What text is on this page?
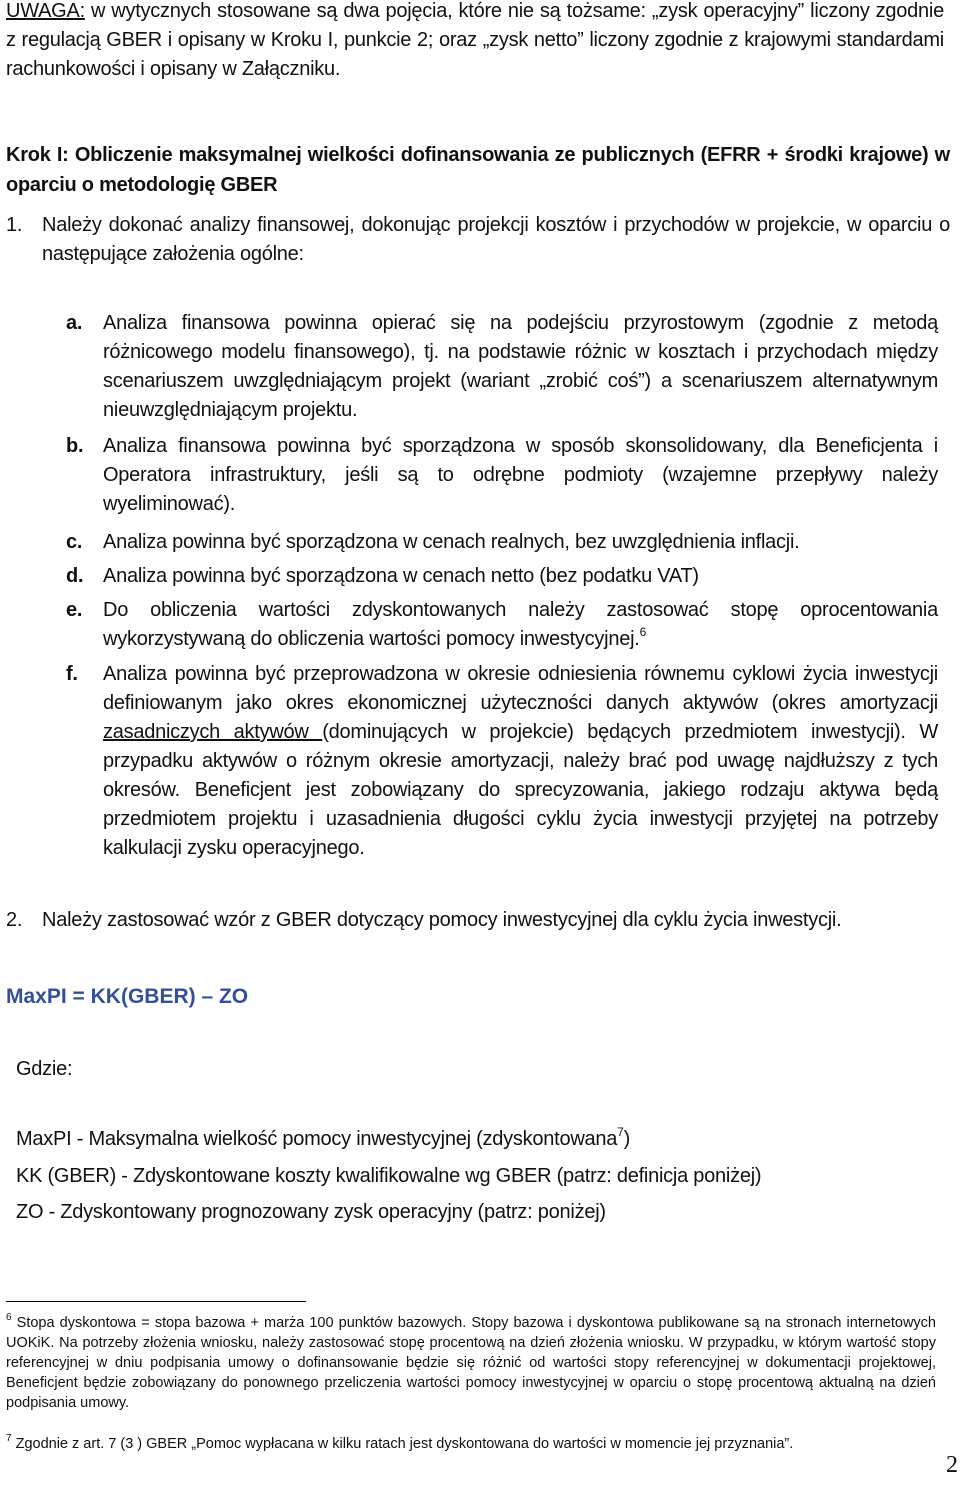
UWAGA: w wytycznych stosowane są dwa pojęcia, które nie są tożsame: „zysk operacyjny” liczony zgodnie z regulacją GBER i opisany w Kroku I, punkcie 2; oraz „zysk netto” liczony zgodnie z krajowymi standardami rachunkowości i opisany w Załączniku.
Krok I: Obliczenie maksymalnej wielkości dofinansowania ze publicznych (EFRR + środki krajowe) w oparciu o metodologię GBER
1. Należy dokonać analizy finansowej, dokonując projekcji kosztów i przychodów w projekcie, w oparciu o następujące założenia ogólne:
a. Analiza finansowa powinna opierać się na podejściu przyrostowym (zgodnie z metodą różnicowego modelu finansowego), tj. na podstawie różnic w kosztach i przychodach między scenariuszem uwzględniającym projekt (wariant „zrobić coś”) a scenariuszem alternatywnym nieuwzględniającym projektu.
b. Analiza finansowa powinna być sporządzona w sposób skonsolidowany, dla Beneficjenta i Operatora infrastruktury, jeśli są to odrębne podmioty (wzajemne przepływy należy wyeliminować).
c. Analiza powinna być sporządzona w cenach realnych, bez uwzględnienia inflacji.
d. Analiza powinna być sporządzona w cenach netto (bez podatku VAT)
e. Do obliczenia wartości zdyskontowanych należy zastosować stopę oprocentowania wykorzystywaną do obliczenia wartości pomocy inwestycyjnej.$^6$
f. Analiza powinna być przeprowadzona w okresie odniesienia równemu cyklowi życia inwestycji definiowanym jako okres ekonomicznej użyteczności danych aktywów (okres amortyzacji zasadniczych aktywów (dominujących w projekcie) będących przedmiotem inwestycji). W przypadku aktywów o różnym okresie amortyzacji, należy brać pod uwagę najdłuższy z tych okresów. Beneficjent jest zobowiązany do sprecyzowania, jakiego rodzaju aktywa będą przedmiotem projektu i uzasadnienia długości cyklu życia inwestycji przyjętej na potrzeby kalkulacji zysku operacyjnego.
2. Należy zastosować wzór z GBER dotyczący pomocy inwestycyjnej dla cyklu życia inwestycji.
MaxPI = KK(GBER) – ZO
Gdzie:
MaxPI - Maksymalna wielkość pomocy inwestycyjnej (zdyskontowana$^7$)
KK (GBER) - Zdyskontowane koszty kwalifikowalne wg GBER (patrz: definicja poniżej)
ZO - Zdyskontowany prognozowany zysk operacyjny (patrz: poniżej)
$^6$ Stopa dyskontowa = stopa bazowa + marża 100 punktów bazowych. Stopy bazowa i dyskontowa publikowane są na stronach internetowych UOKiK. Na potrzeby złożenia wniosku, należy zastosować stopę procentową na dzień złożenia wniosku. W przypadku, w którym wartość stopy referencyjnej w dniu podpisania umowy o dofinansowanie będzie się różnić od wartości stopy referencyjnej w dokumentacji projektowej, Beneficjent będzie zobowiązany do ponownego przeliczenia wartości pomocy inwestycyjnej w oparciu o stopę procentową aktualną na dzień podpisania umowy.
$^7$ Zgodnie z art. 7 (3 ) GBER „Pomoc wypłacana w kilku ratach jest dyskontowana do wartości w momencie jej przyznania”.
2
